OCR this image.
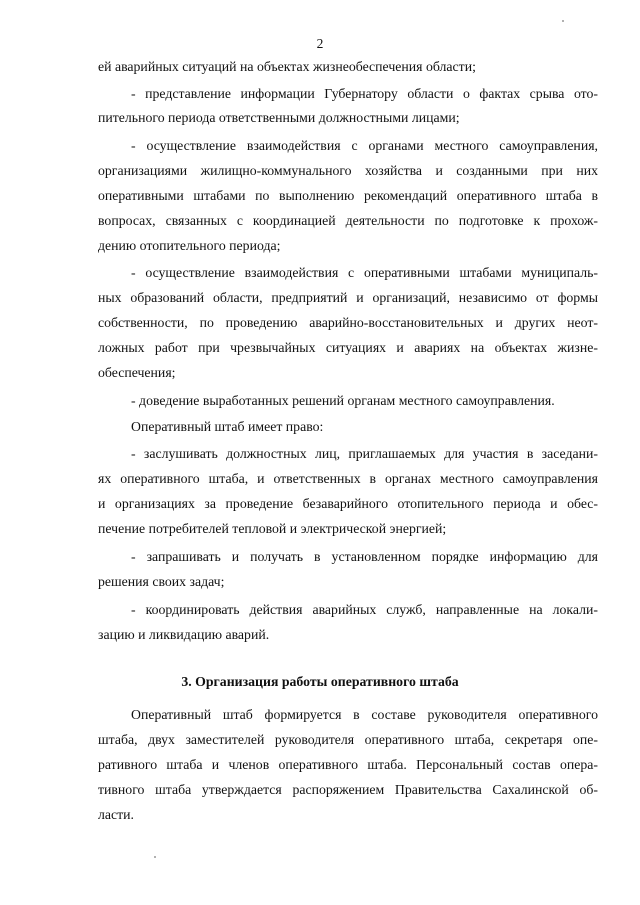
2
ей аварийных ситуаций на объектах жизнеобеспечения области;
- представление информации Губернатору области о фактах срыва ото-
пительного периода ответственными должностными лицами;
- осуществление взаимодействия с органами местного самоуправления,
организациями жилищно-коммунального хозяйства и созданными при них
оперативными штабами по выполнению рекомендаций оперативного штаба в
вопросах, связанных с координацией деятельности по подготовке к прохож-
дению отопительного периода;
- осуществление взаимодействия с оперативными штабами муниципаль-
ных образований области, предприятий и организаций, независимо от формы
собственности, по проведению аварийно-восстановительных и других неот-
ложных работ при чрезвычайных ситуациях и авариях на объектах жизне-
обеспечения;
- доведение выработанных решений органам местного самоуправления.
Оперативный штаб имеет право:
- заслушивать должностных лиц, приглашаемых для участия в заседани-
ях оперативного штаба, и ответственных в органах местного самоуправления
и организациях за проведение безаварийного отопительного периода и обес-
печение потребителей тепловой и электрической энергией;
- запрашивать и получать в установленном порядке информацию для
решения своих задач;
- координировать действия аварийных служб, направленные на локали-
зацию и ликвидацию аварий.
3. Организация работы оперативного штаба
Оперативный штаб формируется в составе руководителя оперативного
штаба, двух заместителей руководителя оперативного штаба, секретаря опе-
ративного штаба и членов оперативного штаба. Персональный состав опера-
тивного штаба утверждается распоряжением Правительства Сахалинской об-
ласти.
